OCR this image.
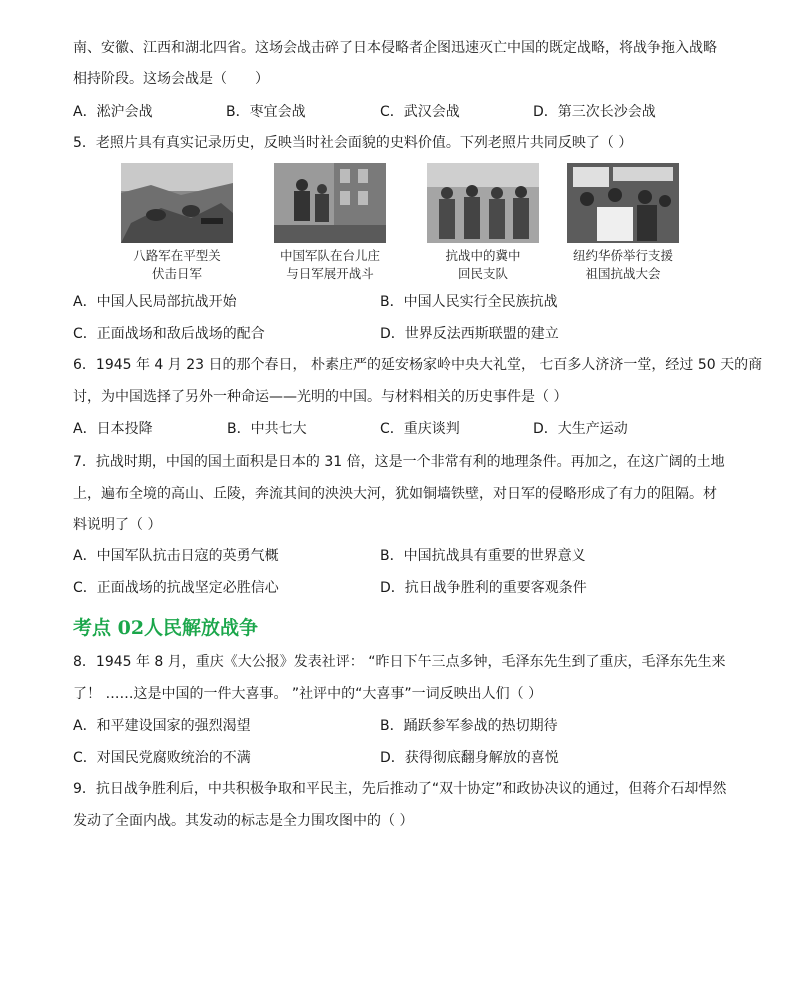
南、安徽、江西和湖北四省。这场会战击碎了日本侵略者企图迅速灭亡中国的既定战略，将战争拖入战略
相持阶段。这场会战是（　　）
A．淞沪会战	B．枣宜会战	C．武汉会战	D．第三次长沙会战
5．老照片具有真实记录历史，反映当时社会面貌的史料价值。下列老照片共同反映了（ ）
八路军在平型关
伏击日军
中国军队在台儿庄
与日军展开战斗
抗战中的冀中
回民支队
纽约华侨举行支援
祖国抗战大会
A．中国人民局部抗战开始	B．中国人民实行全民族抗战
C．正面战场和敌后战场的配合	D．世界反法西斯联盟的建立
6．1945 年 4 月 23 日的那个春日， 朴素庄严的延安杨家岭中央大礼堂， 七百多人济济一堂，经过 50 天的商
讨，为中国选择了另外一种命运——光明的中国。与材料相关的历史事件是（ ）
A．日本投降	B．中共七大	C．重庆谈判	D．大生产运动
7．抗战时期，中国的国土面积是日本的 31 倍，这是一个非常有利的地理条件。再加之，在这广阔的土地
上，遍布全境的高山、丘陵，奔流其间的泱泱大河，犹如铜墙铁壁，对日军的侵略形成了有力的阻隔。材
料说明了（ ）
A．中国军队抗击日寇的英勇气概	B．中国抗战具有重要的世界意义
C．正面战场的抗战坚定必胜信心	D．抗日战争胜利的重要客观条件
考点 02人民解放战争
8．1945 年 8 月，重庆《大公报》发表社评： “昨日下午三点多钟，毛泽东先生到了重庆，毛泽东先生来
了！ ……这是中国的一件大喜事。 ”社评中的“大喜事”一词反映出人们（ ）
A．和平建设国家的强烈渴望	B．踊跃参军参战的热切期待
C．对国民党腐败统治的不满	D．获得彻底翻身解放的喜悦
9．抗日战争胜利后，中共积极争取和平民主，先后推动了“双十协定”和政协决议的通过，但蒋介石却悍然
发动了全面内战。其发动的标志是全力围攻图中的（ ）
